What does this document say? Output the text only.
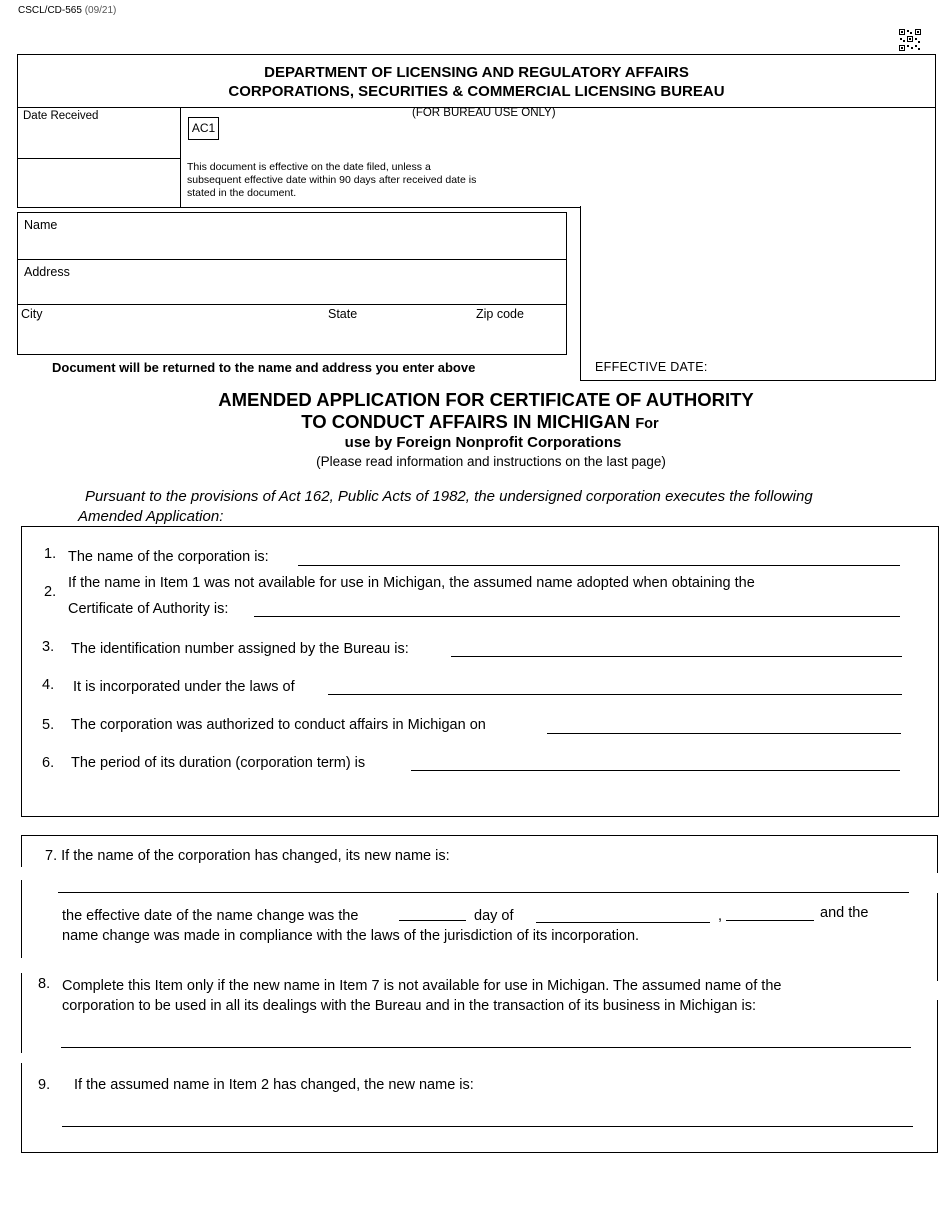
CSCL/CD-565 (09/21)
DEPARTMENT OF LICENSING AND REGULATORY AFFAIRS
CORPORATIONS, SECURITIES & COMMERCIAL LICENSING BUREAU
Date Received	(FOR BUREAU USE ONLY)
AC1
This document is effective on the date filed, unless a subsequent effective date within 90 days after received date is stated in the document.
Name
Address
City	State	Zip code
Document will be returned to the name and address you enter above	EFFECTIVE DATE:
AMENDED APPLICATION FOR CERTIFICATE OF AUTHORITY
TO CONDUCT AFFAIRS IN MICHIGAN For
use by Foreign Nonprofit Corporations
(Please read information and instructions on the last page)
Pursuant to the provisions of Act 162, Public Acts of 1982, the undersigned corporation executes the following
Amended Application:
1. The name of the corporation is:
2.
If the name in Item 1 was not available for use in Michigan, the assumed name adopted when obtaining the
Certificate of Authority is:
3. The identification number assigned by the Bureau is:
4. It is incorporated under the laws of
5. The corporation was authorized to conduct affairs in Michigan on
6. The period of its duration (corporation term) is
7. If the name of the corporation has changed, its new name is:
the effective date of the name change was the	day of	,	and the
name change was made in compliance with the laws of the jurisdiction of its incorporation.
8. Complete this Item only if the new name in Item 7 is not available for use in Michigan. The assumed name of the
corporation to be used in all its dealings with the Bureau and in the transaction of its business in Michigan is:
9. If the assumed name in Item 2 has changed, the new name is:
